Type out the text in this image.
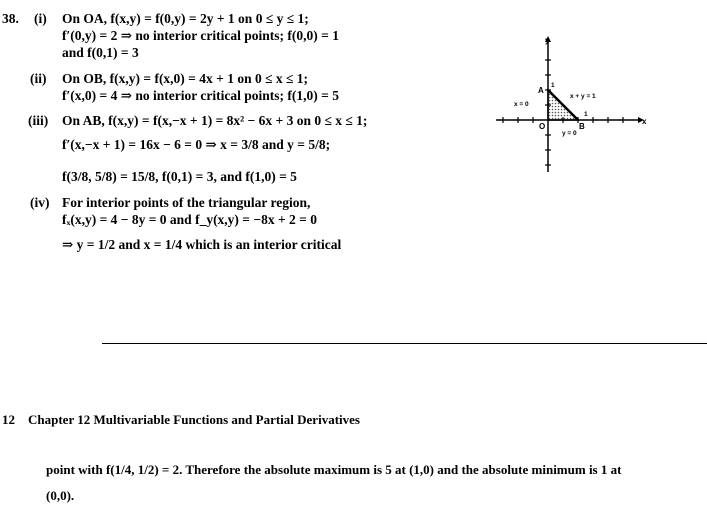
38. (i) On OA, f(x,y) = f(0,y) = 2y + 1 on 0 ≤ y ≤ 1;
f′(0,y) = 2 ⇒ no interior critical points; f(0,0) = 1
and f(0,1) = 3
(ii) On OB, f(x,y) = f(x,0) = 4x + 1 on 0 ≤ x ≤ 1;
f′(x,0) = 4 ⇒ no interior critical points; f(1,0) = 5
(iii) On AB, f(x,y) = f(x,−x + 1) = 8x² − 6x + 3 on 0 ≤ x ≤ 1;
f′(x,−x + 1) = 16x − 6 = 0 ⇒ x = 3/8 and y = 5/8;
f(3/8, 5/8) = 15/8, f(0,1) = 3, and f(1,0) = 5
(iv) For interior points of the triangular region,
fₓ(x,y) = 4 − 8y = 0 and f_y(x,y) = −8x + 2 = 0
⇒ y = 1/2 and x = 1/4 which is an interior critical
y
x
A
1
B
1
O
x = 0
y = 0
x + y = 1
12 Chapter 12 Multivariable Functions and Partial Derivatives
point with f(1/4, 1/2) = 2. Therefore the absolute maximum is 5 at (1,0) and the absolute minimum is 1 at
(0,0).
